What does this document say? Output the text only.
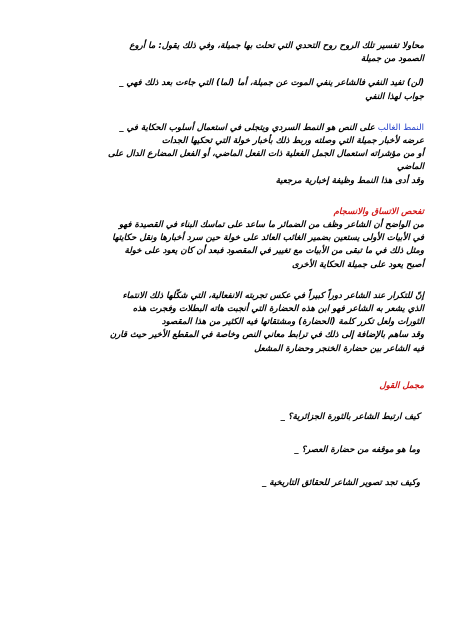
محاولا تفسير تلك الروح روح التحدي التي تحلت بها جميلة، وفي ذلك يقول: ما أروع
الصمود من جميلة
(لن) تفيد النفي فالشاعر ينفي الموت عن جميلة، أما (لما) التي جاءت بعد ذلك فهي _
جواب لهذا النفي
النمط الغالب على النص هو النمط السردي ويتجلى في استعمال أسلوب الحكاية في _
عرضه لأخبار جميلة التي وصلته وربط ذلك بأخبار خولة التي تحكيها الجدات
أو من مؤشراته استعمال الجمل الفعلية ذات الفعل الماضي، أو الفعل المضارع الدال على
الماضي
وقد أدى هذا النمط وظيفة إخبارية مرجعية
تفحص الاتساق والانسجام
من الواضح أن الشاعر وظف من الضمائر ما ساعد على تماسك البناء في القصيدة فهو
في الأبيات الأولى يستعين بضمير الغائب العائد على خولة حين سرد أخبارها ونقل حكايتها
ومثل ذلك في ما تبقى من الأبيات مع تغيير في المقصود فبعد أن كان يعود على خولة
أصبح يعود على جميلة الحكاية الأخرى
إنّ للتكرار عند الشاعر دوراً كبيراً في عكس تجربته الانفعالية، التي شكّلها ذلك الانتماء
الذي يشعر به الشاعر فهو ابن هذه الحضارة التي أنجبت هاته البطلات وفجرت هذه
الثورات ولعل تكرر كلمة (الحضارة) ومشتقاتها فيه الكثير من هذا المقصود
وقد ساهم بالإضافة إلى ذلك في ترابط معاني النص وخاصة في المقطع الأخير حيث قارن
فيه الشاعر بين حضارة الخنجر وحضارة المشعل
مجمل القول
كيف ارتبط الشاعر بالثورة الجزائرية؟ _
وما هو موقفه من حضارة العصر؟ _
وكيف تجد تصوير الشاعر للحقائق التاريخية _
